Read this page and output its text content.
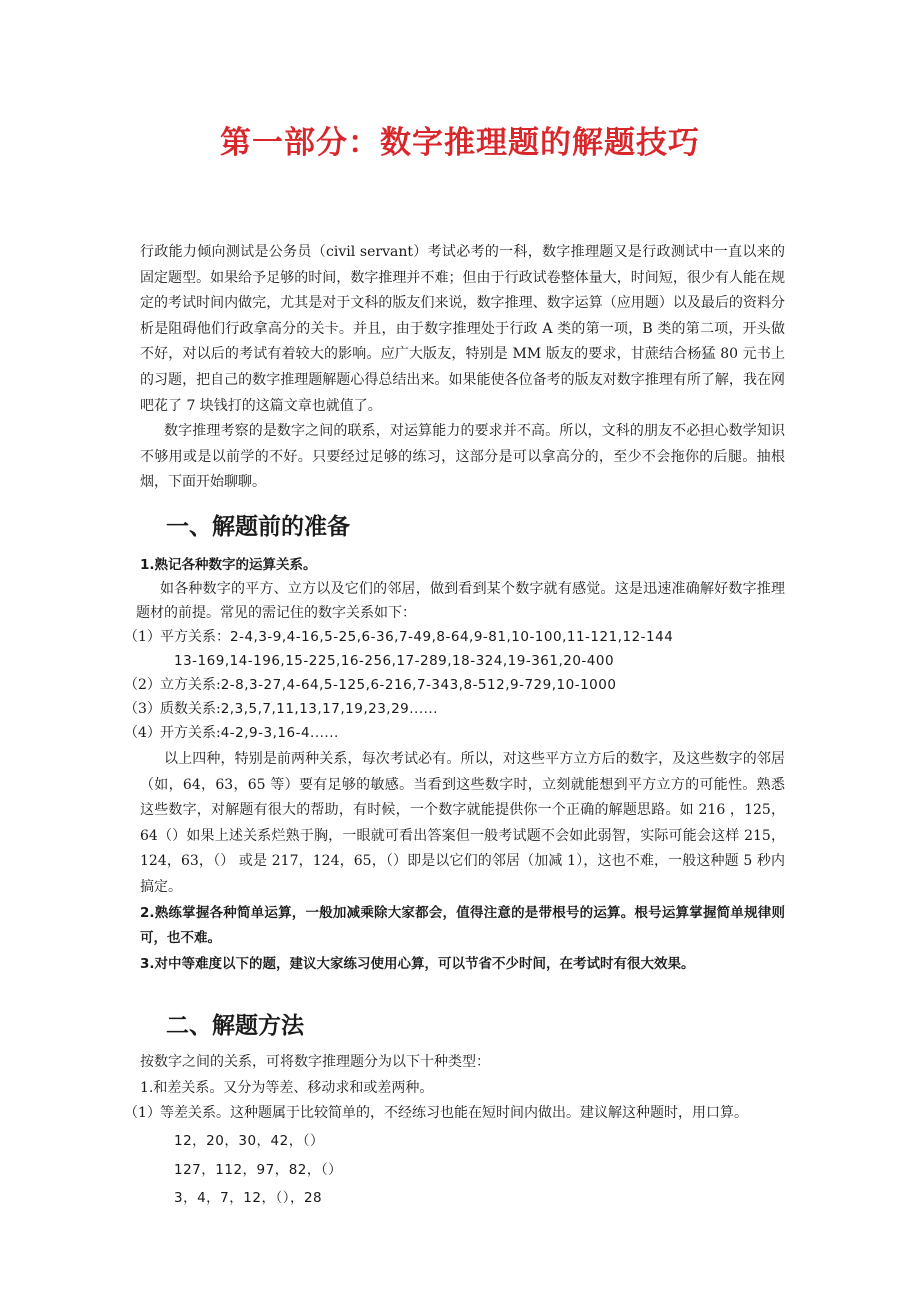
第一部分：数字推理题的解题技巧

行政能力倾向测试是公务员（civil servant）考试必考的一科，数字推理题又是行政测试中一直以来的固定题型。如果给予足够的时间，数字推理并不难；但由于行政试卷整体量大，时间短，很少有人能在规定的考试时间内做完，尤其是对于文科的版友们来说，数字推理、数字运算（应用题）以及最后的资料分析是阻碍他们行政拿高分的关卡。并且，由于数字推理处于行政 A 类的第一项，B 类的第二项，开头做不好，对以后的考试有着较大的影响。应广大版友，特别是 MM 版友的要求，甘蔗结合杨猛 80 元书上的习题，把自己的数字推理题解题心得总结出来。如果能使各位备考的版友对数字推理有所了解，我在网吧花了 7 块钱打的这篇文章也就值了。

数字推理考察的是数字之间的联系，对运算能力的要求并不高。所以，文科的朋友不必担心数学知识不够用或是以前学的不好。只要经过足够的练习，这部分是可以拿高分的，至少不会拖你的后腿。抽根烟，下面开始聊聊。

一、解题前的准备
1.熟记各种数字的运算关系。

如各种数字的平方、立方以及它们的邻居，做到看到某个数字就有感觉。这是迅速准确解好数字推理题材的前提。常见的需记住的数字关系如下：

（1） 平方关系：2-4,3-9,4-16,5-25,6-36,7-49,8-64,9-81,10-100,11-121,12-144
13-169,14-196,15-225,16-256,17-289,18-324,19-361,20-400
（2） 立方关系:2-8,3-27,4-64,5-125,6-216,7-343,8-512,9-729,10-1000
（3） 质数关系:2,3,5,7,11,13,17,19,23,29......
（4） 开方关系:4-2,9-3,16-4......

以上四种，特别是前两种关系，每次考试必有。所以，对这些平方立方后的数字，及这些数字的邻居（如，64，63，65 等）要有足够的敏感。当看到这些数字时，立刻就能想到平方立方的可能性。熟悉这些数字，对解题有很大的帮助，有时候，一个数字就能提供你一个正确的解题思路。如 216 ，125，64（）如果上述关系烂熟于胸，一眼就可看出答案但一般考试题不会如此弱智，实际可能会这样 215，124，63，（） 或是 217，124，65，（）即是以它们的邻居（加减 1），这也不难，一般这种题 5 秒内搞定。

2.熟练掌握各种简单运算，一般加减乘除大家都会，值得注意的是带根号的运算。根号运算掌握简单规律则可，也不难。

3.对中等难度以下的题，建议大家练习使用心算，可以节省不少时间，在考试时有很大效果。

二、解题方法

按数字之间的关系，可将数字推理题分为以下十种类型：

1.和差关系。又分为等差、移动求和或差两种。

（1） 等差关系。这种题属于比较简单的，不经练习也能在短时间内做出。建议解这种题时，用口算。
12，20，30，42，（）
127，112，97，82，（）
3，4，7，12，（），28
